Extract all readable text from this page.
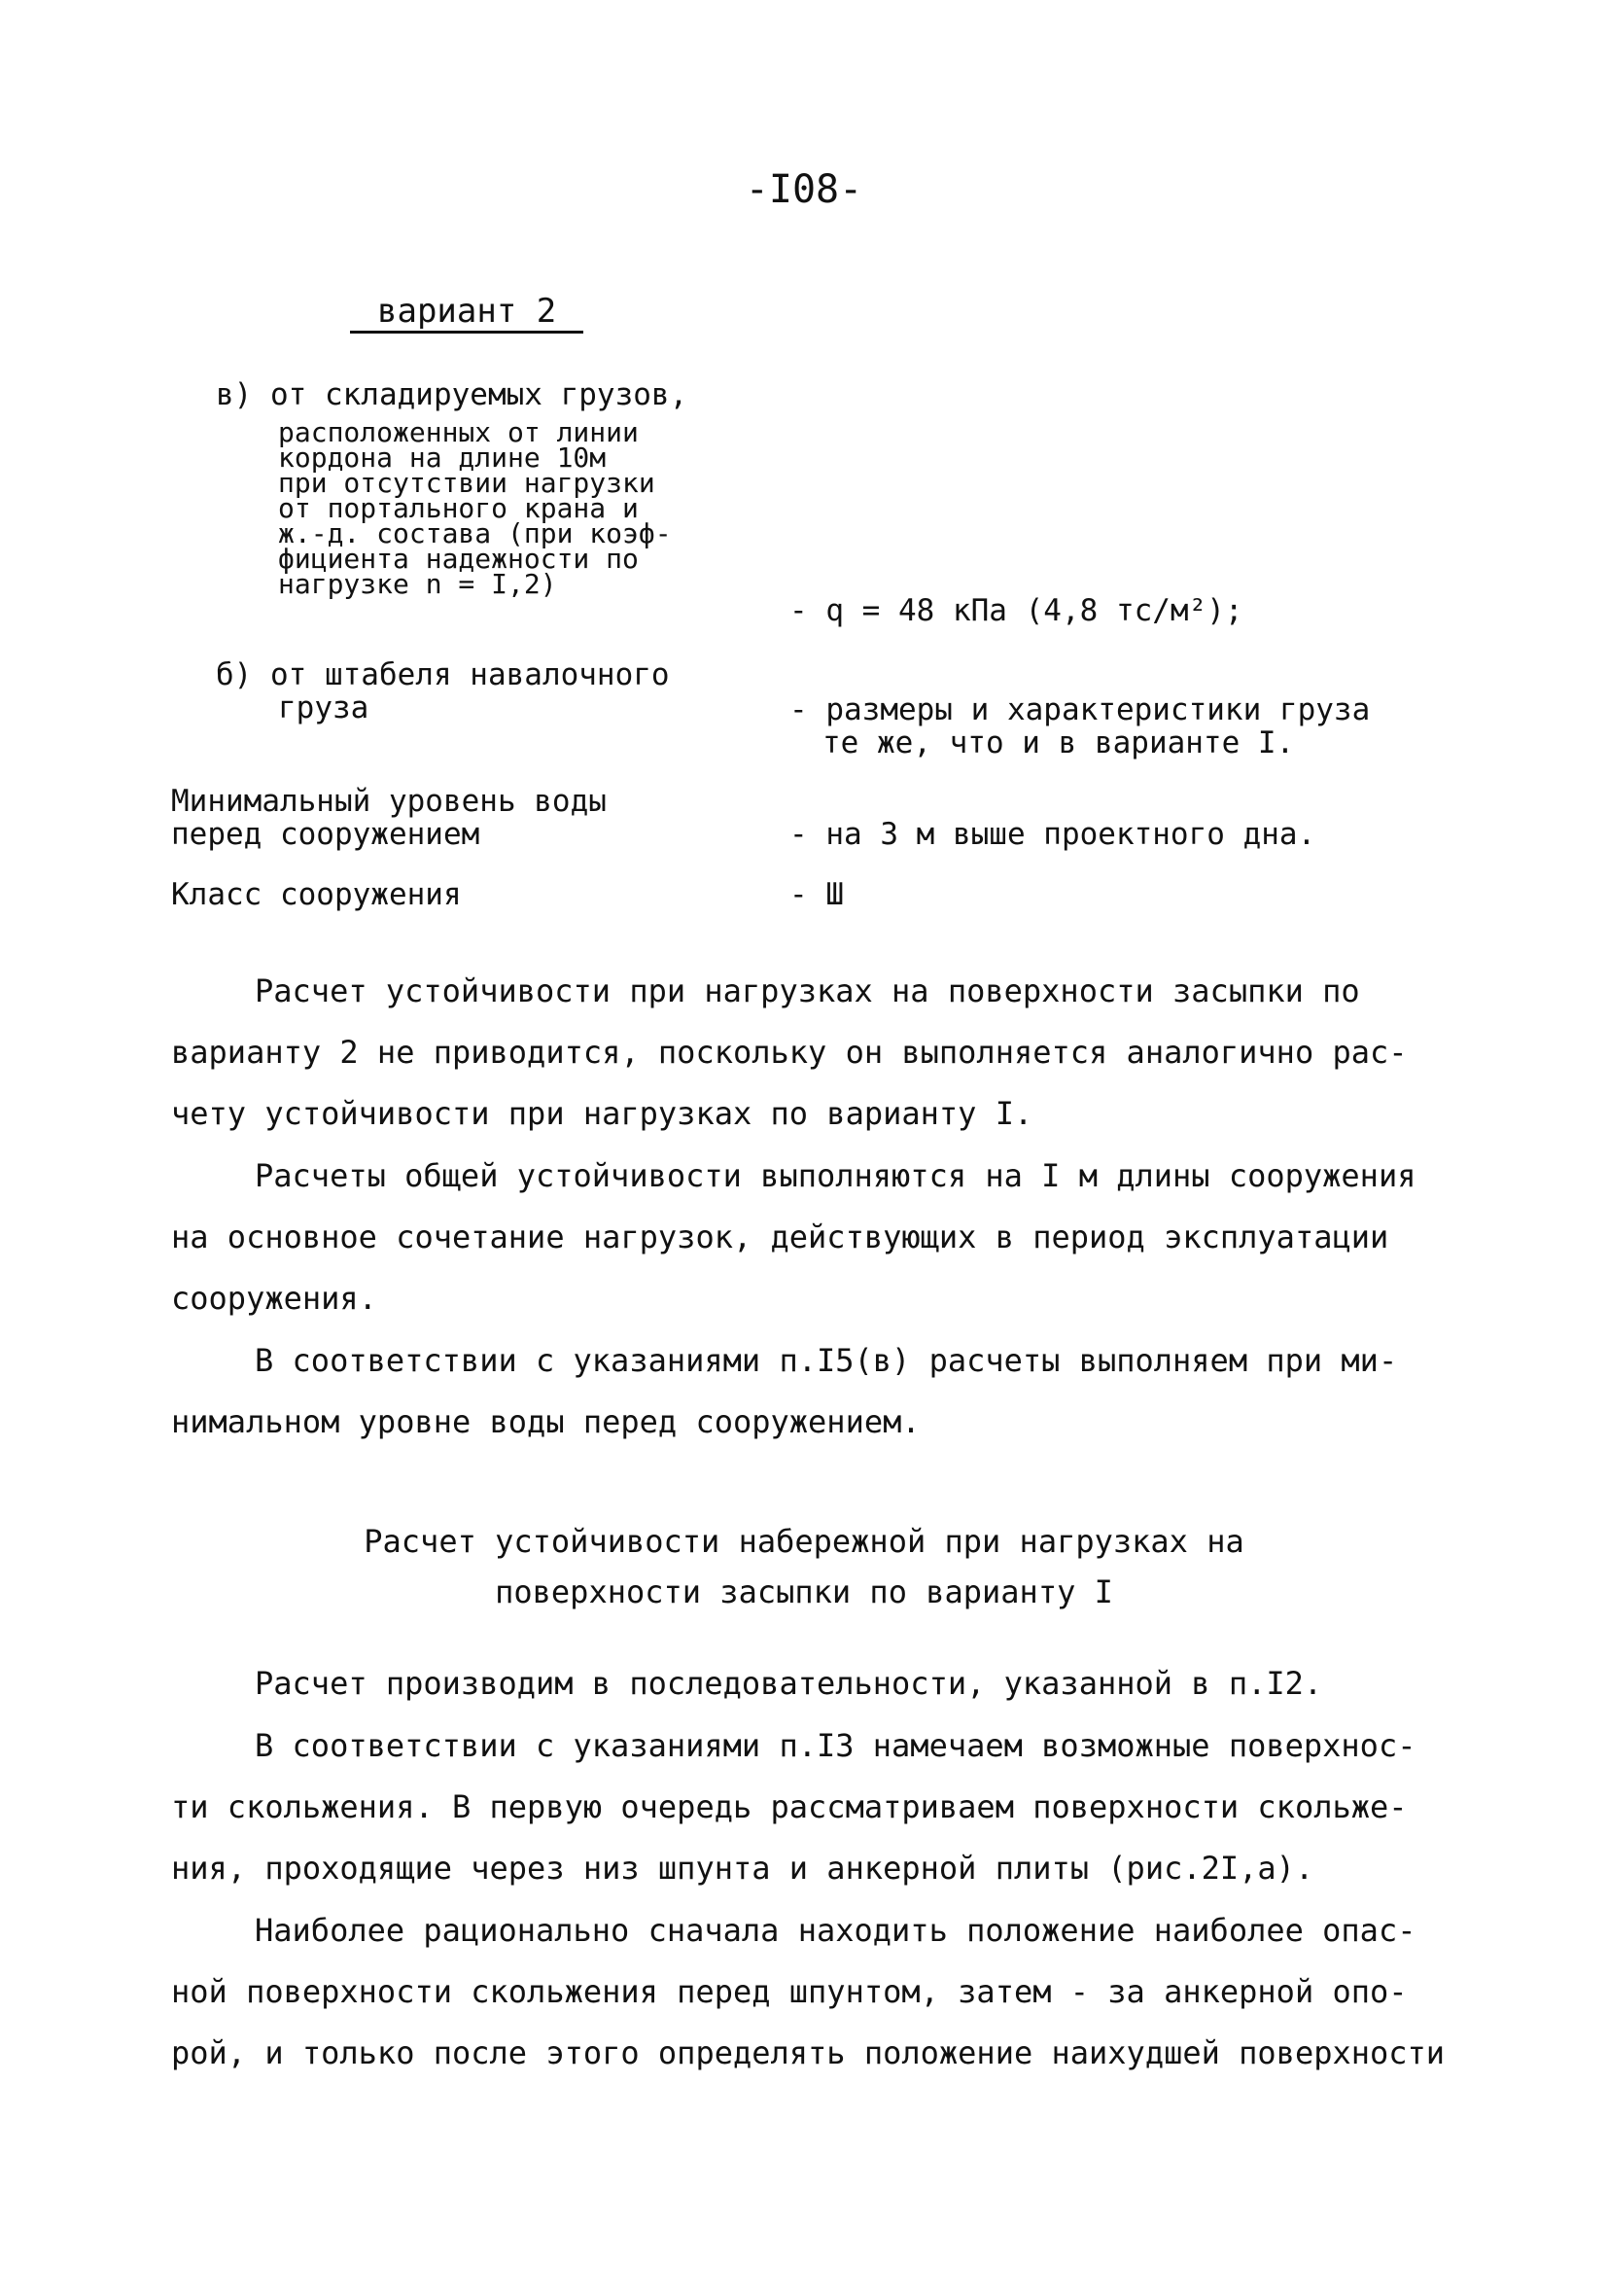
-I08-
вариант 2
в) от складируемых грузов,
расположенных от линии
кордона на длине 10м
при отсутствии нагрузки
от портального крана и
ж.-д. состава (при коэф-
фициента надежности по
нагрузке n = I,2)
- q = 48 кПа (4,8 тс/м²);
б) от штабеля навалочного
груза	- размеры и характеристики груза
те же, что и в варианте I.
Минимальный уровень воды
перед сооружением	- на 3 м выше проектного дна.
Класс сооружения	- Ш
Расчет устойчивости при нагрузках на поверхности засыпки по
варианту 2 не приводится, поскольку он выполняется аналогично рас-
чету устойчивости при нагрузках по варианту I.
Расчеты общей устойчивости выполняются на I м длины сооружения
на основное сочетание нагрузок, действующих в период эксплуатации
сооружения.
В соответствии с указаниями п.I5(в) расчеты выполняем при ми-
нимальном уровне воды перед сооружением.
Расчет устойчивости набережной при нагрузках на
поверхности засыпки по варианту I
Расчет производим в последовательности, указанной в п.I2.
В соответствии с указаниями п.I3 намечаем возможные поверхнос-
ти скольжения. В первую очередь рассматриваем поверхности скольже-
ния, проходящие через низ шпунта и анкерной плиты (рис.2I,а).
Наиболее рационально сначала находить положение наиболее опас-
ной поверхности скольжения перед шпунтом, затем - за анкерной опо-
рой, и только после этого определять положение наихудшей поверхности
